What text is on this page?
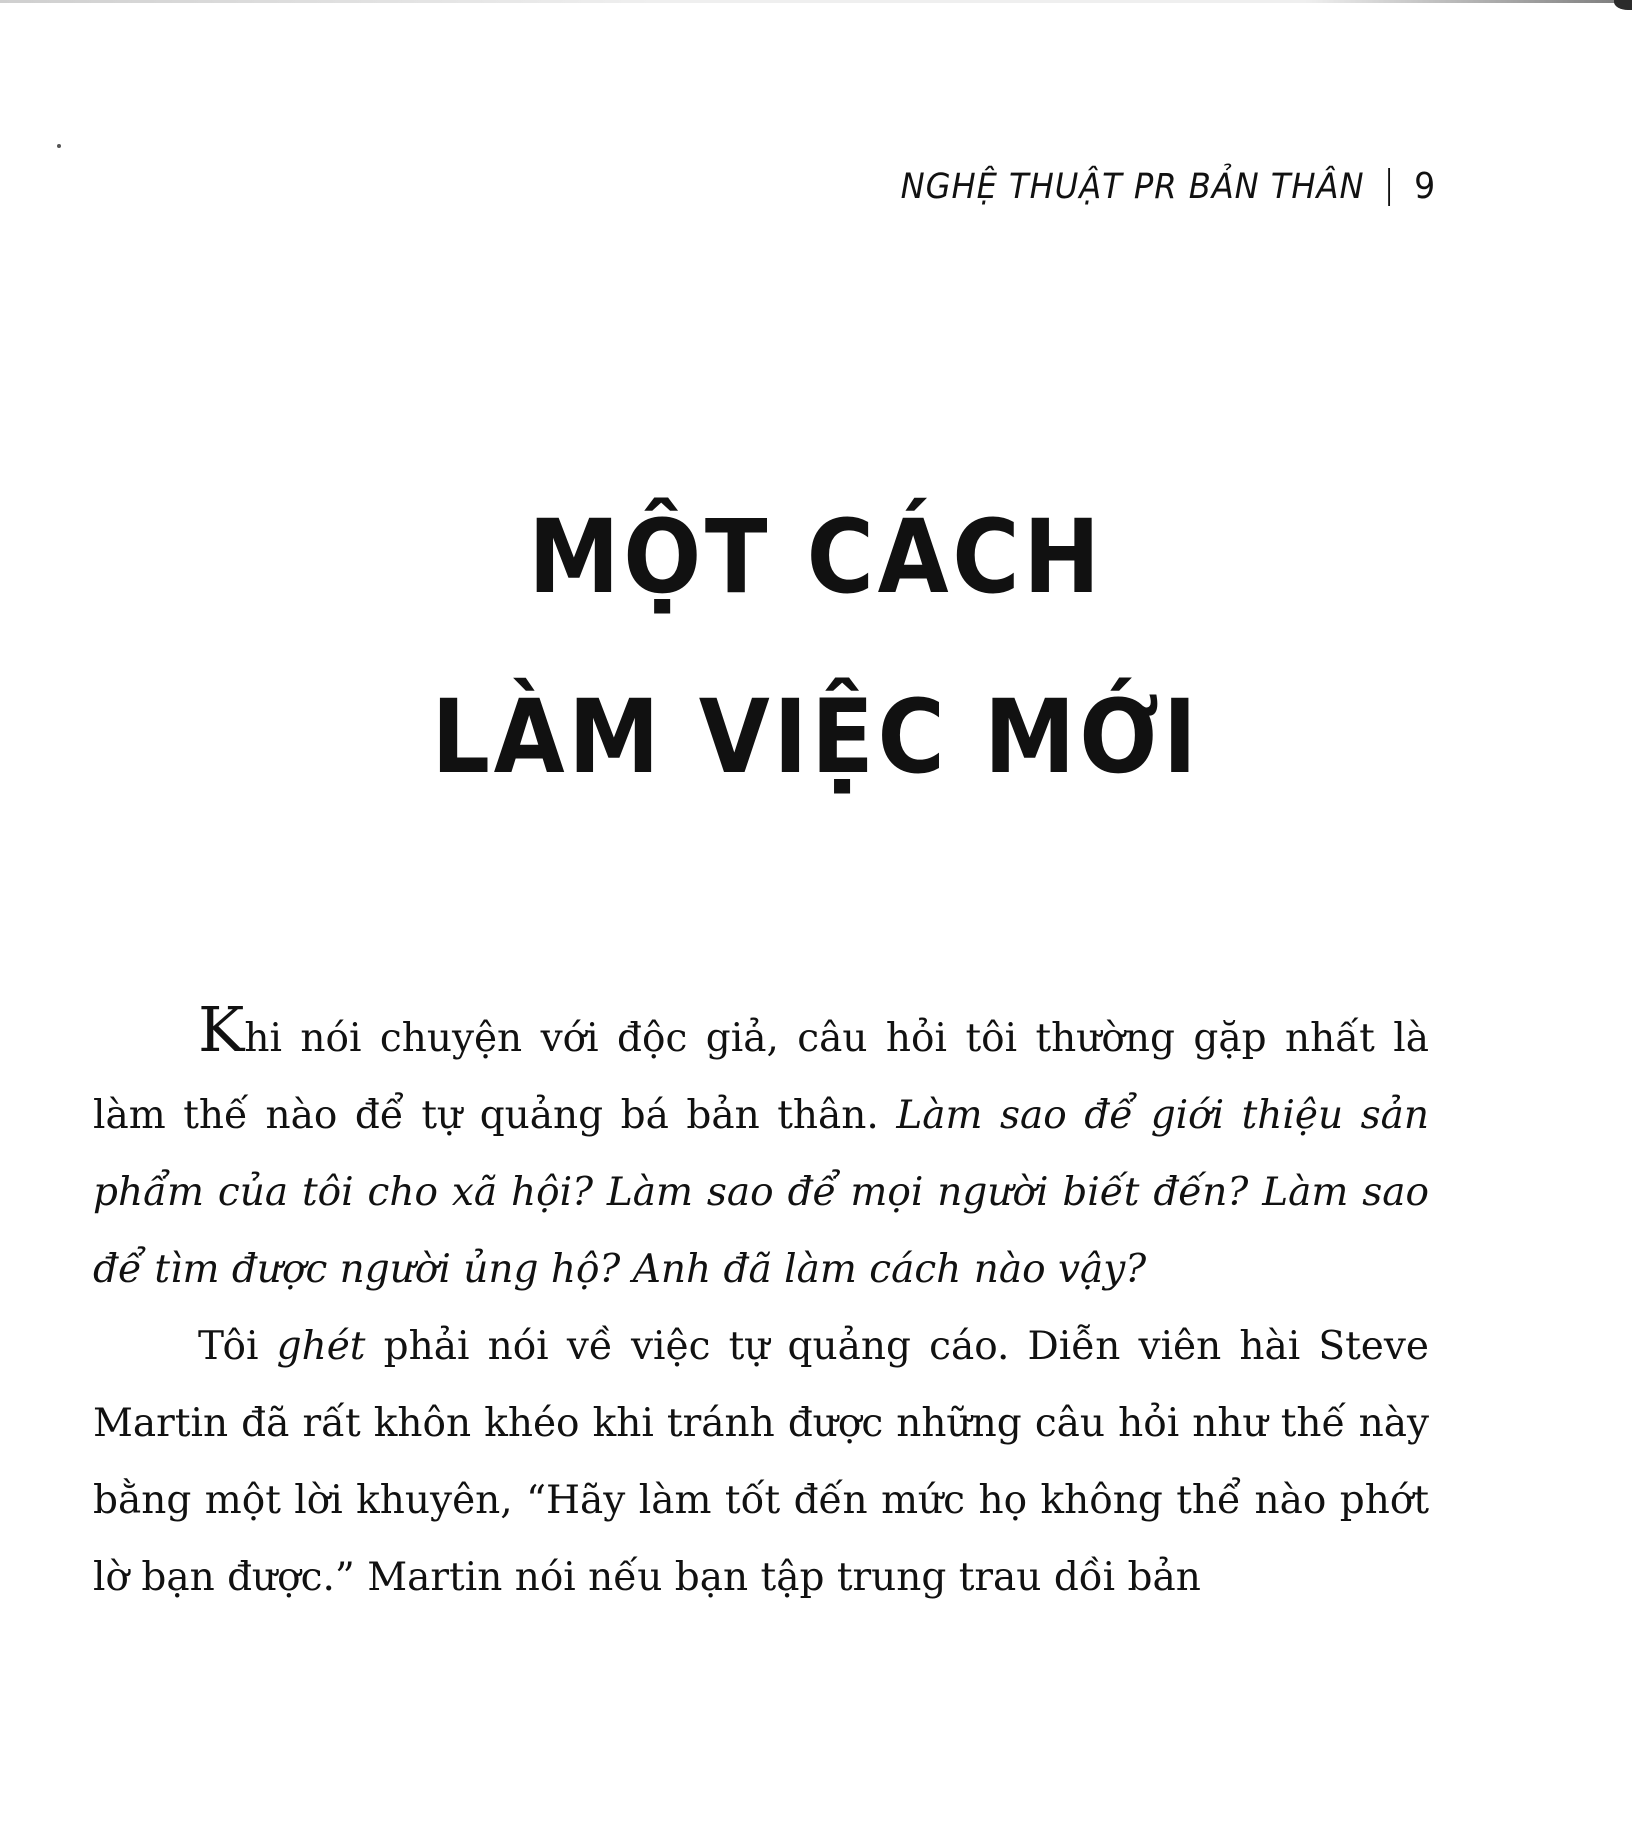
NGHỆ THUẬT PR BẢN THÂN 9
MỘT CÁCH
LÀM VIỆC MỚI

Khi nói chuyện với độc giả, câu hỏi tôi thường gặp nhất là làm thế nào để tự quảng bá bản thân. Làm sao để giới thiệu sản phẩm của tôi cho xã hội? Làm sao để mọi người biết đến? Làm sao để tìm được người ủng hộ? Anh đã làm cách nào vậy?

Tôi ghét phải nói về việc tự quảng cáo. Diễn viên hài Steve Martin đã rất khôn khéo khi tránh được những câu hỏi như thế này bằng một lời khuyên, “Hãy làm tốt đến mức họ không thể nào phớt lờ bạn được.” Martin nói nếu bạn tập trung trau dồi bản
